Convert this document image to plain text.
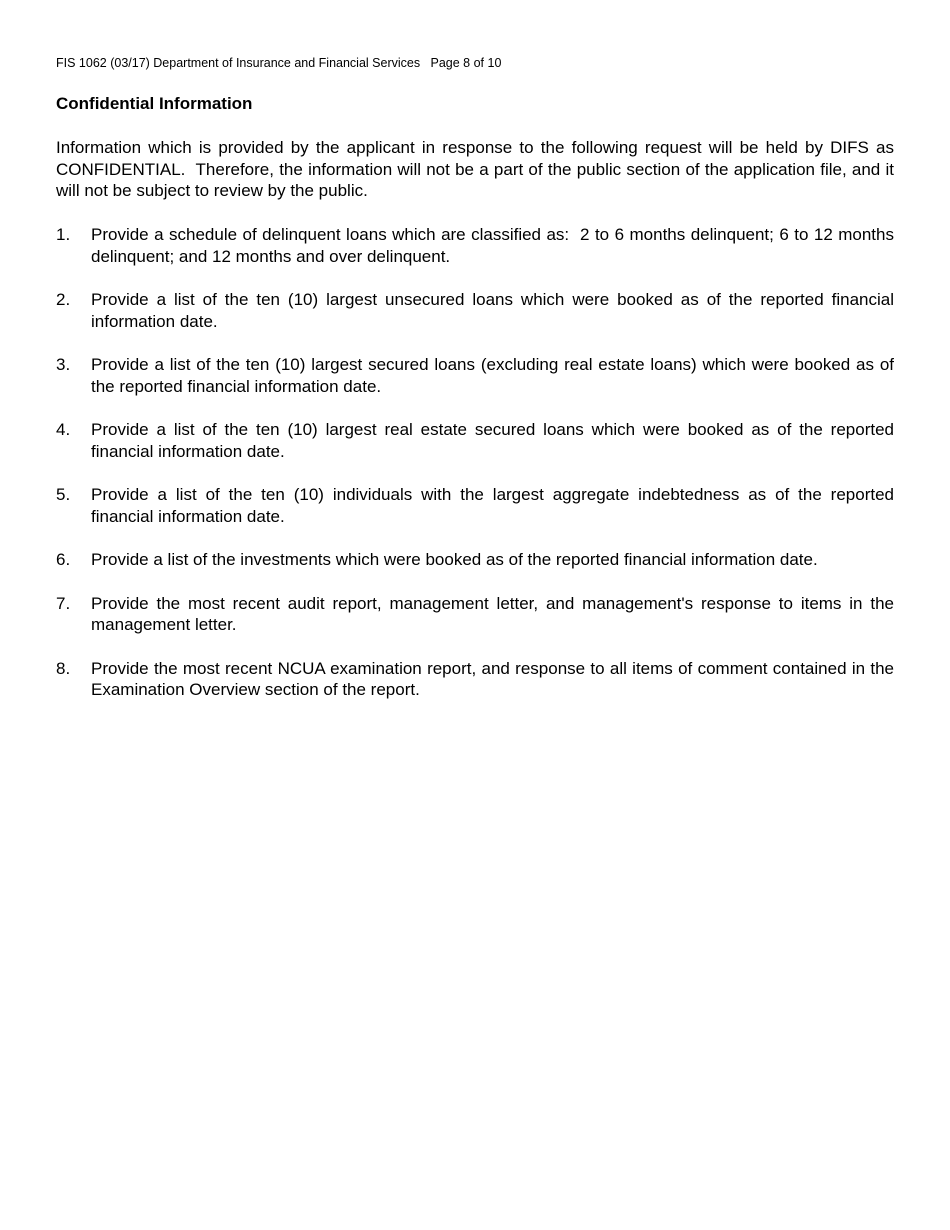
FIS 1062 (03/17) Department of Insurance and Financial Services   Page 8 of 10
Confidential Information
Information which is provided by the applicant in response to the following request will be held by DIFS as CONFIDENTIAL.  Therefore, the information will not be a part of the public section of the application file, and it will not be subject to review by the public.
1. Provide a schedule of delinquent loans which are classified as:  2 to 6 months delinquent; 6 to 12 months delinquent; and 12 months and over delinquent.
2. Provide a list of the ten (10) largest unsecured loans which were booked as of the reported financial information date.
3. Provide a list of the ten (10) largest secured loans (excluding real estate loans) which were booked as of the reported financial information date.
4. Provide a list of the ten (10) largest real estate secured loans which were booked as of the reported financial information date.
5. Provide a list of the ten (10) individuals with the largest aggregate indebtedness as of the reported financial information date.
6. Provide a list of the investments which were booked as of the reported financial information date.
7. Provide the most recent audit report, management letter, and management's response to items in the management letter.
8. Provide the most recent NCUA examination report, and response to all items of comment contained in the Examination Overview section of the report.
